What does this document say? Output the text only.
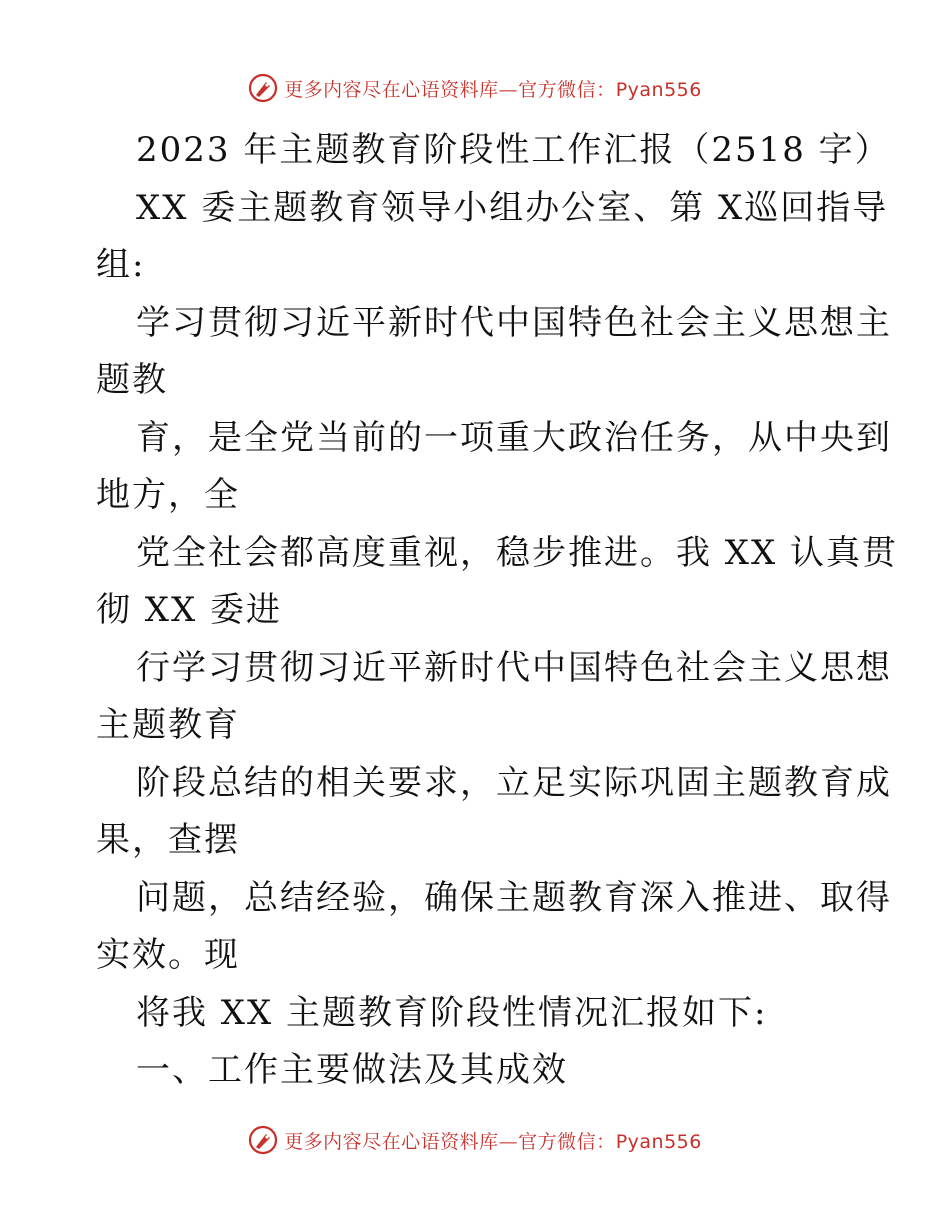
更多内容尽在心语资料库—官方微信：Pyan556
2023 年主题教育阶段性工作汇报（2518 字）
XX 委主题教育领导小组办公室、第 X巡回指导
组:
学习贯彻习近平新时代中国特色社会主义思想主
题教
育，是全党当前的一项重大政治任务，从中央到
地方，全
党全社会都高度重视，稳步推进。我 XX 认真贯
彻 XX 委进
行学习贯彻习近平新时代中国特色社会主义思想
主题教育
阶段总结的相关要求，立足实际巩固主题教育成
果，查摆
问题，总结经验，确保主题教育深入推进、取得
实效。现
将我 XX 主题教育阶段性情况汇报如下:
一、工作主要做法及其成效
更多内容尽在心语资料库—官方微信：Pyan556
